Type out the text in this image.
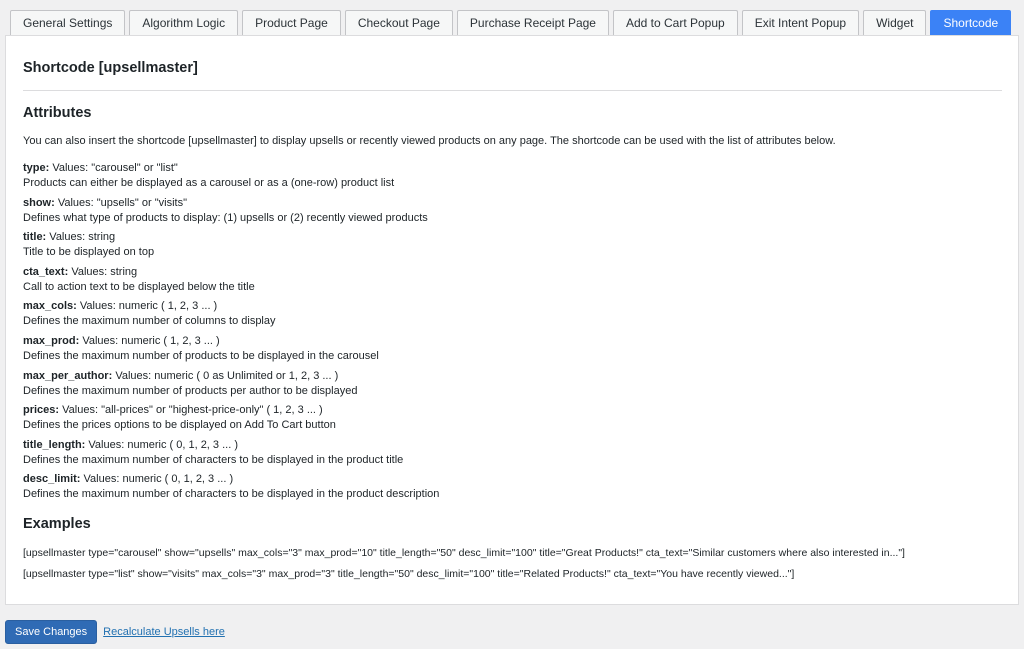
General Settings	Algorithm Logic	Product Page	Checkout Page	Purchase Receipt Page	Add to Cart Popup	Exit Intent Popup	Widget	Shortcode
Shortcode [upsellmaster]
Attributes

You can also insert the shortcode [upsellmaster] to display upsells or recently viewed products on any page. The shortcode can be used with the list of attributes below.

type: Values: "carousel" or "list"
Products can either be displayed as a carousel or as a (one-row) product list
show: Values: "upsells" or "visits"
Defines what type of products to display: (1) upsells or (2) recently viewed products
title: Values: string
Title to be displayed on top
cta_text: Values: string
Call to action text to be displayed below the title
max_cols: Values: numeric ( 1, 2, 3 ... )
Defines the maximum number of columns to display
max_prod: Values: numeric ( 1, 2, 3 ... )
Defines the maximum number of products to be displayed in the carousel
max_per_author: Values: numeric ( 0 as Unlimited or 1, 2, 3 ... )
Defines the maximum number of products per author to be displayed
prices: Values: "all-prices" or "highest-price-only" ( 1, 2, 3 ... )
Defines the prices options to be displayed on Add To Cart button
title_length: Values: numeric ( 0, 1, 2, 3 ... )
Defines the maximum number of characters to be displayed in the product title
desc_limit: Values: numeric ( 0, 1, 2, 3 ... )
Defines the maximum number of characters to be displayed in the product description
Examples
[upsellmaster type="carousel" show="upsells" max_cols="3" max_prod="10" title_length="50" desc_limit="100" title="Great Products!" cta_text="Similar customers where also interested in..."]
[upsellmaster type="list" show="visits" max_cols="3" max_prod="3" title_length="50" desc_limit="100" title="Related Products!" cta_text="You have recently viewed..."]
Save Changes	Recalculate Upsells here
